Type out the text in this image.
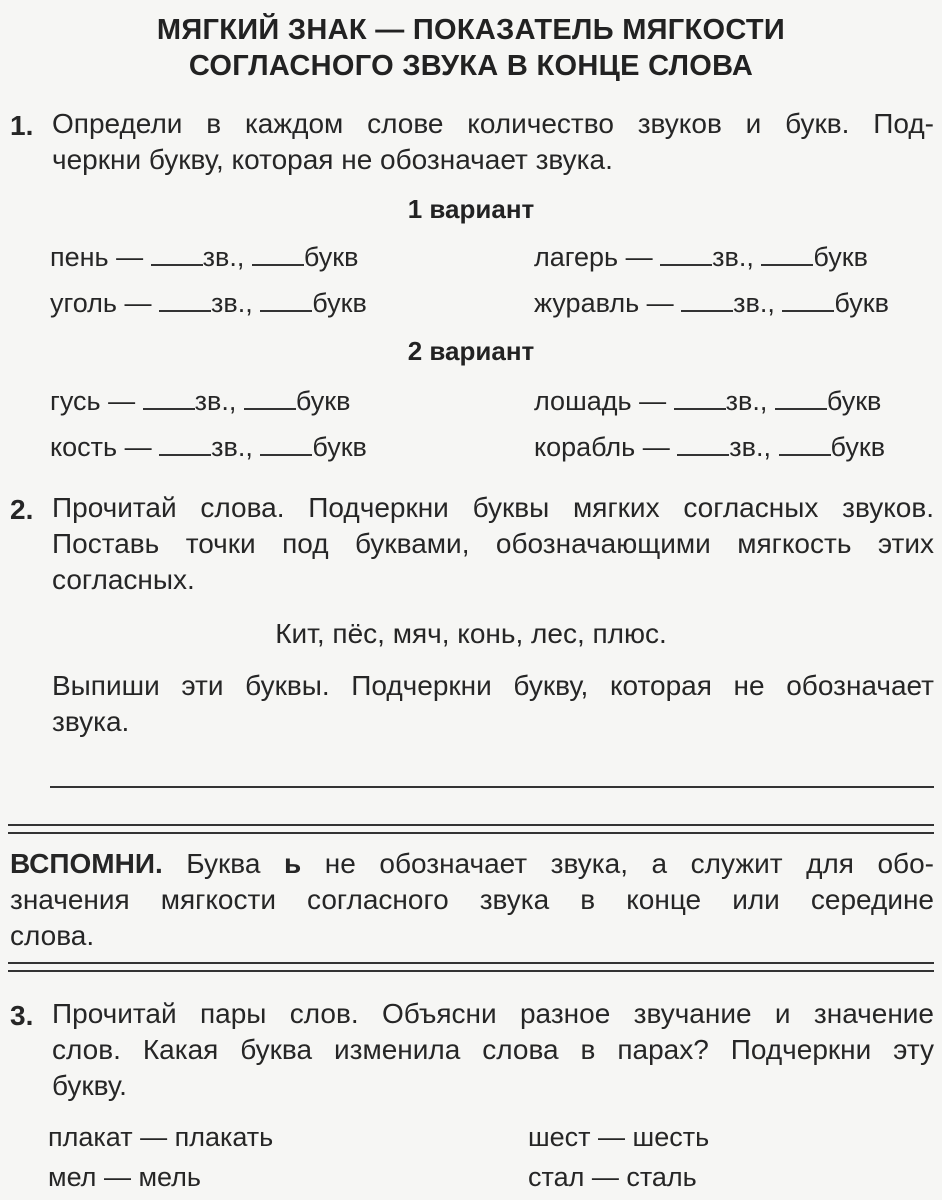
МЯГКИЙ ЗНАК — ПОКАЗАТЕЛЬ МЯГКОСТИ
СОГЛАСНОГО ЗВУКА В КОНЦЕ СЛОВА
1. Определи в каждом слове количество звуков и букв. Под-
черкни букву, которая не обозначает звука.
1 вариант
пень — зв., букв	лагерь — зв., букв
уголь — зв., букв	журавль — зв., букв
2 вариант
гусь — зв., букв	лошадь — зв., букв
кость — зв., букв	корабль — зв., букв
2. Прочитай слова. Подчеркни буквы мягких согласных звуков.
Поставь точки под буквами, обозначающими мягкость этих
согласных.
Кит, пёс, мяч, конь, лес, плюс.
Выпиши эти буквы. Подчеркни букву, которая не обозначает
звука.
ВСПОМНИ. Буква ь не обозначает звука, а служит для обо-
значения мягкости согласного звука в конце или середине
слова.
3. Прочитай пары слов. Объясни разное звучание и значение
слов. Какая буква изменила слова в парах? Подчеркни эту
букву.
плакат — плакать	шест — шесть
мел — мель	стал — сталь
